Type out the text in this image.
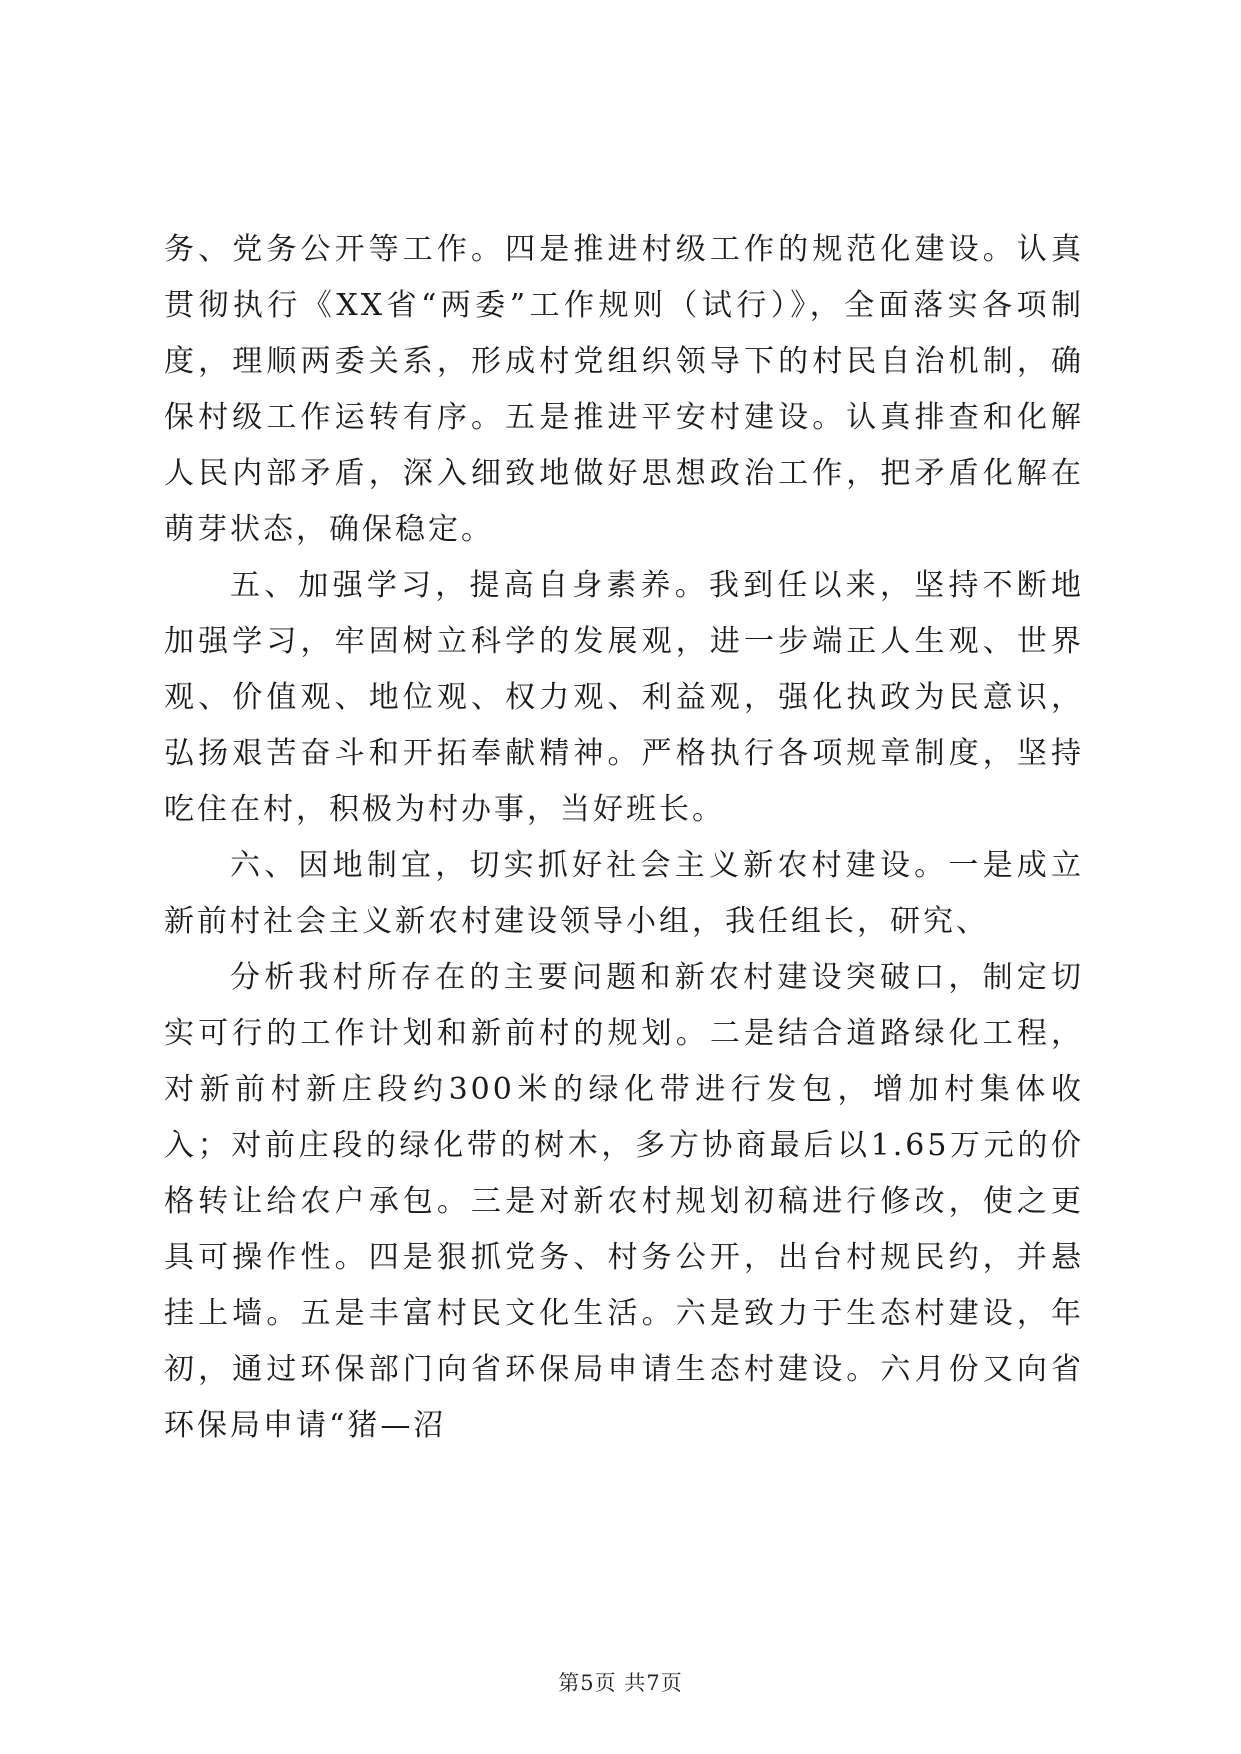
务、党务公开等工作。四是推进村级工作的规范化建设。认真贯彻执行《XX省“两委”工作规则（试行）》，全面落实各项制度，理顺两委关系，形成村党组织领导下的村民自治机制，确保村级工作运转有序。五是推进平安村建设。认真排查和化解人民内部矛盾，深入细致地做好思想政治工作，把矛盾化解在萌芽状态，确保稳定。

五、加强学习，提高自身素养。我到任以来，坚持不断地加强学习，牢固树立科学的发展观，进一步端正人生观、世界观、价值观、地位观、权力观、利益观，强化执政为民意识，弘扬艰苦奋斗和开拓奉献精神。严格执行各项规章制度，坚持吃住在村，积极为村办事，当好班长。

六、因地制宜，切实抓好社会主义新农村建设。一是成立新前村社会主义新农村建设领导小组，我任组长，研究、

分析我村所存在的主要问题和新农村建设突破口，制定切实可行的工作计划和新前村的规划。二是结合道路绿化工程，对新前村新庄段约300米的绿化带进行发包，增加村集体收入；对前庄段的绿化带的树木，多方协商最后以1.65万元的价格转让给农户承包。三是对新农村规划初稿进行修改，使之更具可操作性。四是狠抓党务、村务公开，出台村规民约，并悬挂上墙。五是丰富村民文化生活。六是致力于生态村建设，年初，通过环保部门向省环保局申请生态村建设。六月份又向省环保局申请“猪—沼

第5页 共7页
